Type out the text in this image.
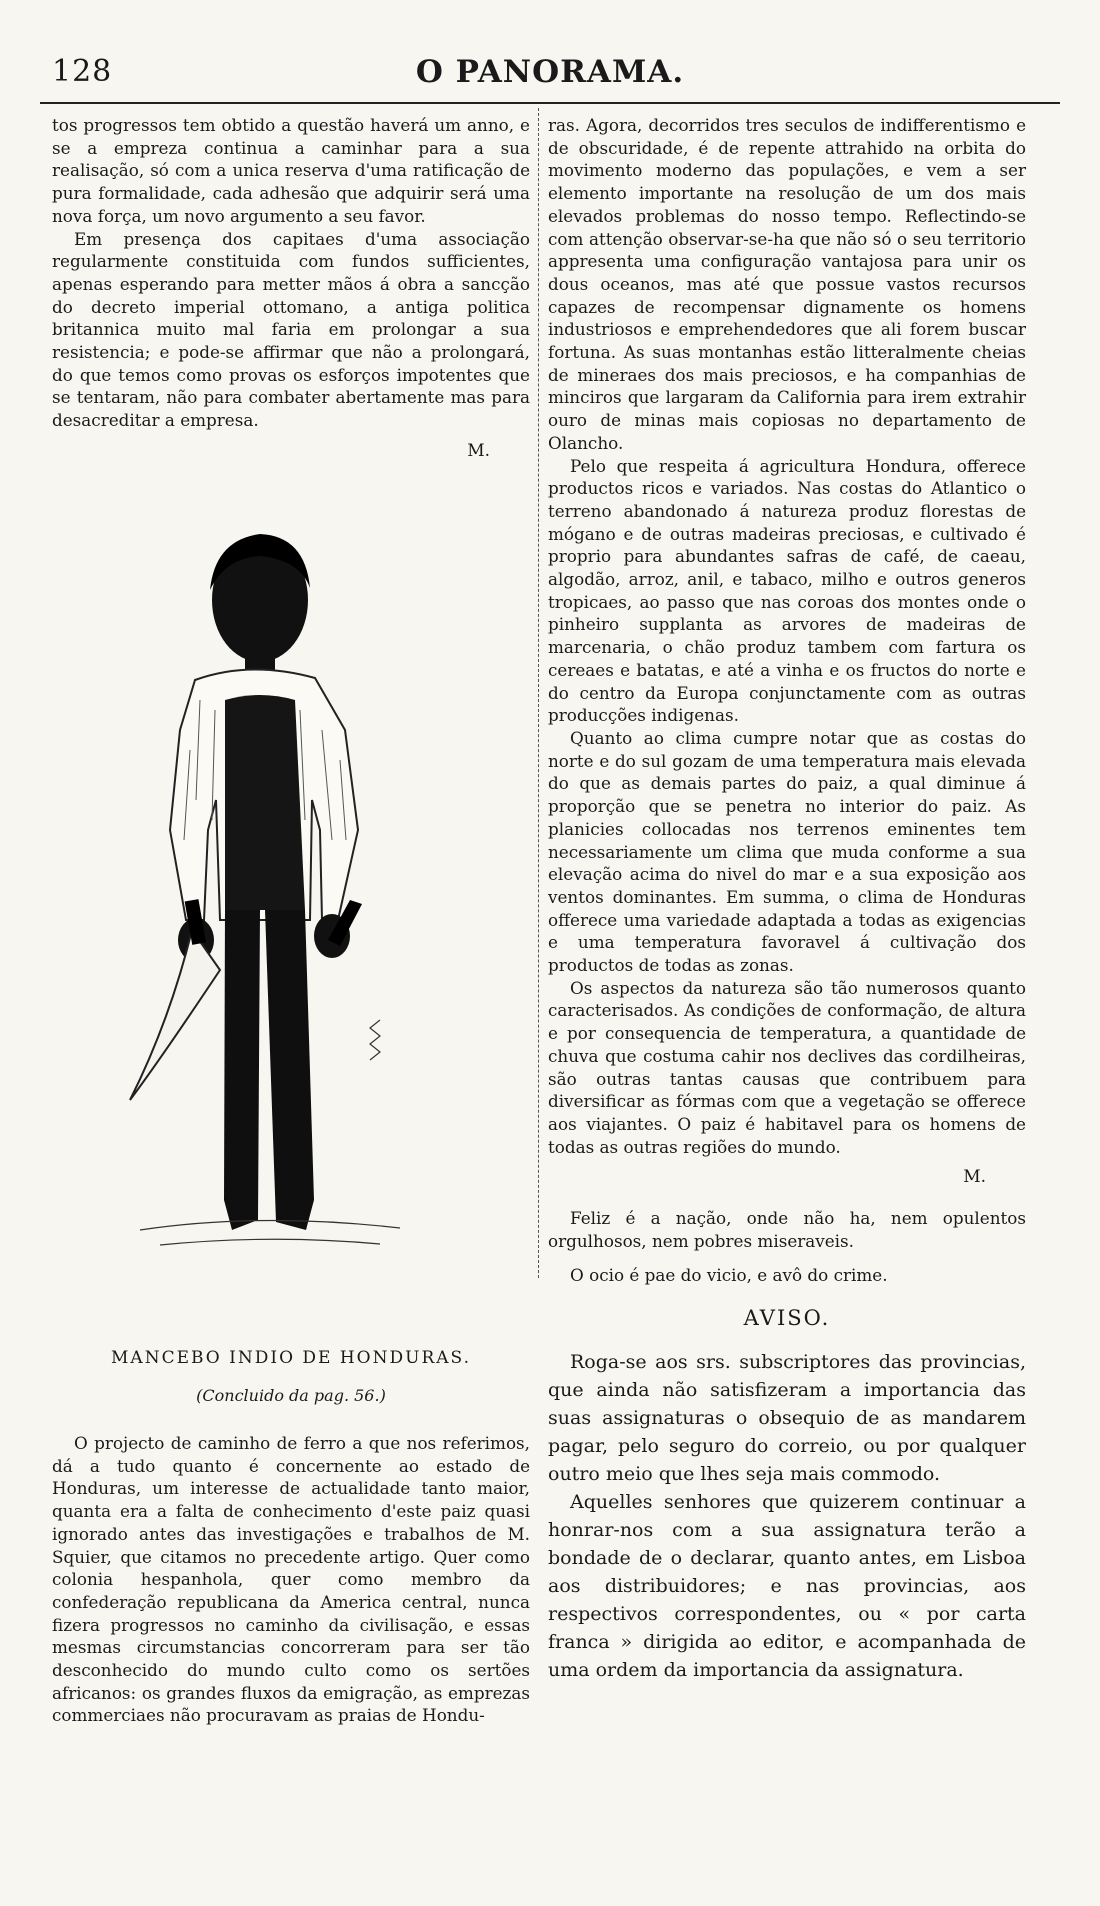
128	O PANORAMA.

tos progressos tem obtido a questão haverá um anno, e se a empreza continua a caminhar para a sua realisação, só com a unica reserva d'uma ratificação de pura formalidade, cada adhesão que adquirir será uma nova força, um novo argumento a seu favor.

Em presença dos capitaes d'uma associação regularmente constituida com fundos sufficientes, apenas esperando para metter mãos á obra a sancção do decreto imperial ottomano, a antiga politica britannica muito mal faria em prolongar a sua resistencia; e pode-se affirmar que não a prolongará, do que temos como provas os esforços impotentes que se tentaram, não para combater abertamente mas para desacreditar a empresa.

M.
MANCEBO INDIO DE HONDURAS.
(Concluido da pag. 56.)

O projecto de caminho de ferro a que nos referimos, dá a tudo quanto é concernente ao estado de Honduras, um interesse de actualidade tanto maior, quanta era a falta de conhecimento d'este paiz quasi ignorado antes das investigações e trabalhos de M. Squier, que citamos no precedente artigo. Quer como colonia hespanhola, quer como membro da confederação republicana da America central, nunca fizera progressos no caminho da civilisação, e essas mesmas circumstancias concorreram para ser tão desconhecido do mundo culto como os sertões africanos: os grandes fluxos da emigração, as emprezas commerciaes não procuravam as praias de Hondu-

ras. Agora, decorridos tres seculos de indifferentismo e de obscuridade, é de repente attrahido na orbita do movimento moderno das populações, e vem a ser elemento importante na resolução de um dos mais elevados problemas do nosso tempo. Reflectindo-se com attenção observar-se-ha que não só o seu territorio appresenta uma configuração vantajosa para unir os dous oceanos, mas até que possue vastos recursos capazes de recompensar dignamente os homens industriosos e emprehendedores que ali forem buscar fortuna. As suas montanhas estão litteralmente cheias de mineraes dos mais preciosos, e ha companhias de minciros que largaram da California para irem extrahir ouro de minas mais copiosas no departamento de Olancho.

Pelo que respeita á agricultura Hondura, offerece productos ricos e variados. Nas costas do Atlantico o terreno abandonado á natureza produz florestas de mógano e de outras madeiras preciosas, e cultivado é proprio para abundantes safras de café, de caeau, algodão, arroz, anil, e tabaco, milho e outros generos tropicaes, ao passo que nas coroas dos montes onde o pinheiro supplanta as arvores de madeiras de marcenaria, o chão produz tambem com fartura os cereaes e batatas, e até a vinha e os fructos do norte e do centro da Europa conjunctamente com as outras producções indigenas.

Quanto ao clima cumpre notar que as costas do norte e do sul gozam de uma temperatura mais elevada do que as demais partes do paiz, a qual diminue á proporção que se penetra no interior do paiz. As planicies collocadas nos terrenos eminentes tem necessariamente um clima que muda conforme a sua elevação acima do nivel do mar e a sua exposição aos ventos dominantes. Em summa, o clima de Honduras offerece uma variedade adaptada a todas as exigencias e uma temperatura favoravel á cultivação dos productos de todas as zonas.

Os aspectos da natureza são tão numerosos quanto caracterisados. As condições de conformação, de altura e por consequencia de temperatura, a quantidade de chuva que costuma cahir nos declives das cordilheiras, são outras tantas causas que contribuem para diversificar as fórmas com que a vegetação se offerece aos viajantes. O paiz é habitavel para os homens de todas as outras regiões do mundo.

M.

Feliz é a nação, onde não ha, nem opulentos orgulhosos, nem pobres miseraveis.

O ocio é pae do vicio, e avô do crime.

AVISO.

Roga-se aos srs. subscriptores das provincias, que ainda não satisfizeram a importancia das suas assignaturas o obsequio de as mandarem pagar, pelo seguro do correio, ou por qualquer outro meio que lhes seja mais commodo.

Aquelles senhores que quizerem continuar a honrar-nos com a sua assignatura terão a bondade de o declarar, quanto antes, em Lisboa aos distribuidores; e nas provincias, aos respectivos correspondentes, ou « por carta franca » dirigida ao editor, e acompanhada de uma ordem da importancia da assignatura.
